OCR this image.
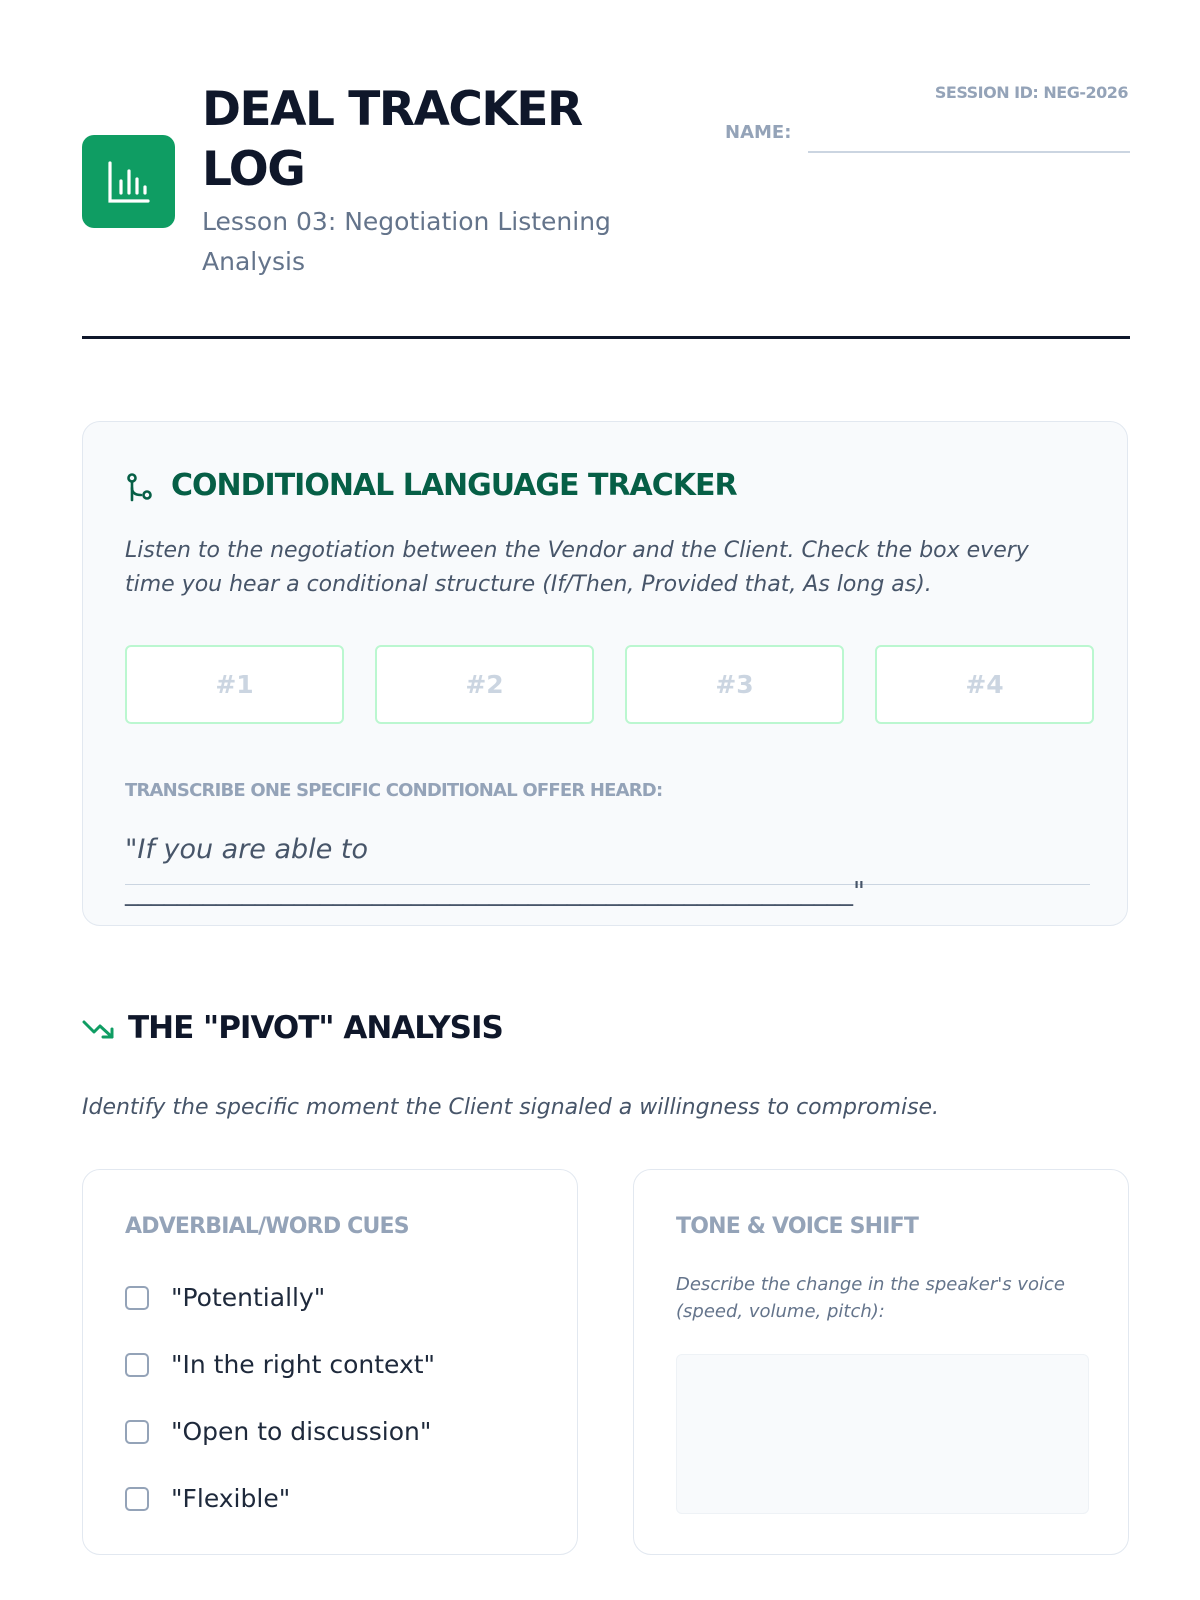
DEAL TRACKER LOG
Lesson 03: Negotiation Listening Analysis
SESSION ID: NEG-2026
NAME:
CONDITIONAL LANGUAGE TRACKER
Listen to the negotiation between the Vendor and the Client. Check the box every time you hear a conditional structure (If/Then, Provided that, As long as).
#1	#2	#3	#4
TRANSCRIBE ONE SPECIFIC CONDITIONAL OFFER HEARD:
"If you are able to
________________________________________________________"
THE "PIVOT" ANALYSIS
Identify the specific moment the Client signaled a willingness to compromise.
ADVERBIAL/WORD CUES
"Potentially"
"In the right context"
"Open to discussion"
"Flexible"
TONE & VOICE SHIFT
Describe the change in the speaker's voice (speed, volume, pitch):
